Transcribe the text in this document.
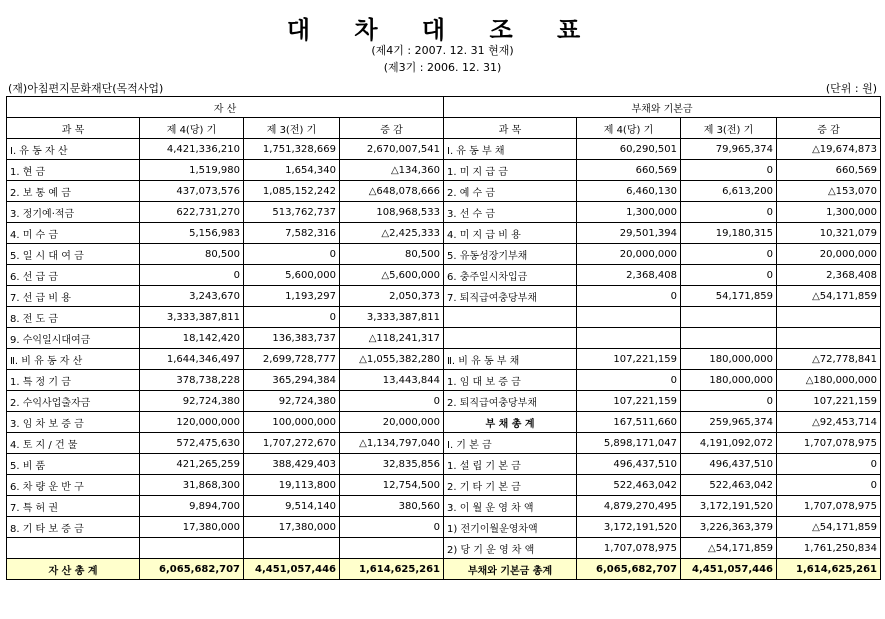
대 차 대 조 표
(제4기 : 2007. 12. 31 현재)
(제3기 : 2006. 12. 31)
(재)아침편지문화재단(목적사업)	(단위 : 원)
자 산				부채와 기본금			
과 목	제 4(당) 기	제 3(전) 기	증 감	과 목	제 4(당) 기	제 3(전) 기	증 감
Ⅰ. 유 동 자 산	4,421,336,210	1,751,328,669	2,670,007,541	Ⅰ. 유 동 부 채	60,290,501	79,965,374	△19,674,873
1. 현 금	1,519,980	1,654,340	△134,360	1. 미 지 급 금	660,569	0	660,569
2. 보 통 예 금	437,073,576	1,085,152,242	△648,078,666	2. 예 수 금	6,460,130	6,613,200	△153,070
3. 정기예·적금	622,731,270	513,762,737	108,968,533	3. 선 수 금	1,300,000	0	1,300,000
4. 미 수 금	5,156,983	7,582,316	△2,425,333	4. 미 지 급 비 용	29,501,394	19,180,315	10,321,079
5. 일 시 대 여 금	80,500	0	80,500	5. 유동성장기부채	20,000,000	0	20,000,000
6. 선 급 금	0	5,600,000	△5,600,000	6. 충주일시차입금	2,368,408	0	2,368,408
7. 선 급 비 용	3,243,670	1,193,297	2,050,373	7. 퇴직급여충당부채	0	54,171,859	△54,171,859
8. 전 도 금	3,333,387,811	0	3,333,387,811				
9. 수익일시대여금	18,142,420	136,383,737	△118,241,317				
Ⅱ. 비 유 동 자 산	1,644,346,497	2,699,728,777	△1,055,382,280	Ⅱ. 비 유 동 부 채	107,221,159	180,000,000	△72,778,841
1. 특 정 기 금	378,738,228	365,294,384	13,443,844	1. 임 대 보 증 금	0	180,000,000	△180,000,000
2. 수익사업출자금	92,724,380	92,724,380	0	2. 퇴직급여충당부채	107,221,159	0	107,221,159
3. 임 차 보 증 금	120,000,000	100,000,000	20,000,000	부 채 총 계	167,511,660	259,965,374	△92,453,714
4. 토 지 / 건 물	572,475,630	1,707,272,670	△1,134,797,040	Ⅰ. 기 본 금	5,898,171,047	4,191,092,072	1,707,078,975
5. 비 품	421,265,259	388,429,403	32,835,856	1. 설 립 기 본 금	496,437,510	496,437,510	0
6. 차 량 운 반 구	31,868,300	19,113,800	12,754,500	2. 기 타 기 본 금	522,463,042	522,463,042	0
7. 특 허 권	9,894,700	9,514,140	380,560	3. 이 월 운 영 차 액	4,879,270,495	3,172,191,520	1,707,078,975
8. 기 타 보 증 금	17,380,000	17,380,000	0	1) 전기이월운영차액	3,172,191,520	3,226,363,379	△54,171,859
				2) 당 기 운 영 차 액	1,707,078,975	△54,171,859	1,761,250,834
자 산 총 계	6,065,682,707	4,451,057,446	1,614,625,261	부채와 기본금 총계	6,065,682,707	4,451,057,446	1,614,625,261
